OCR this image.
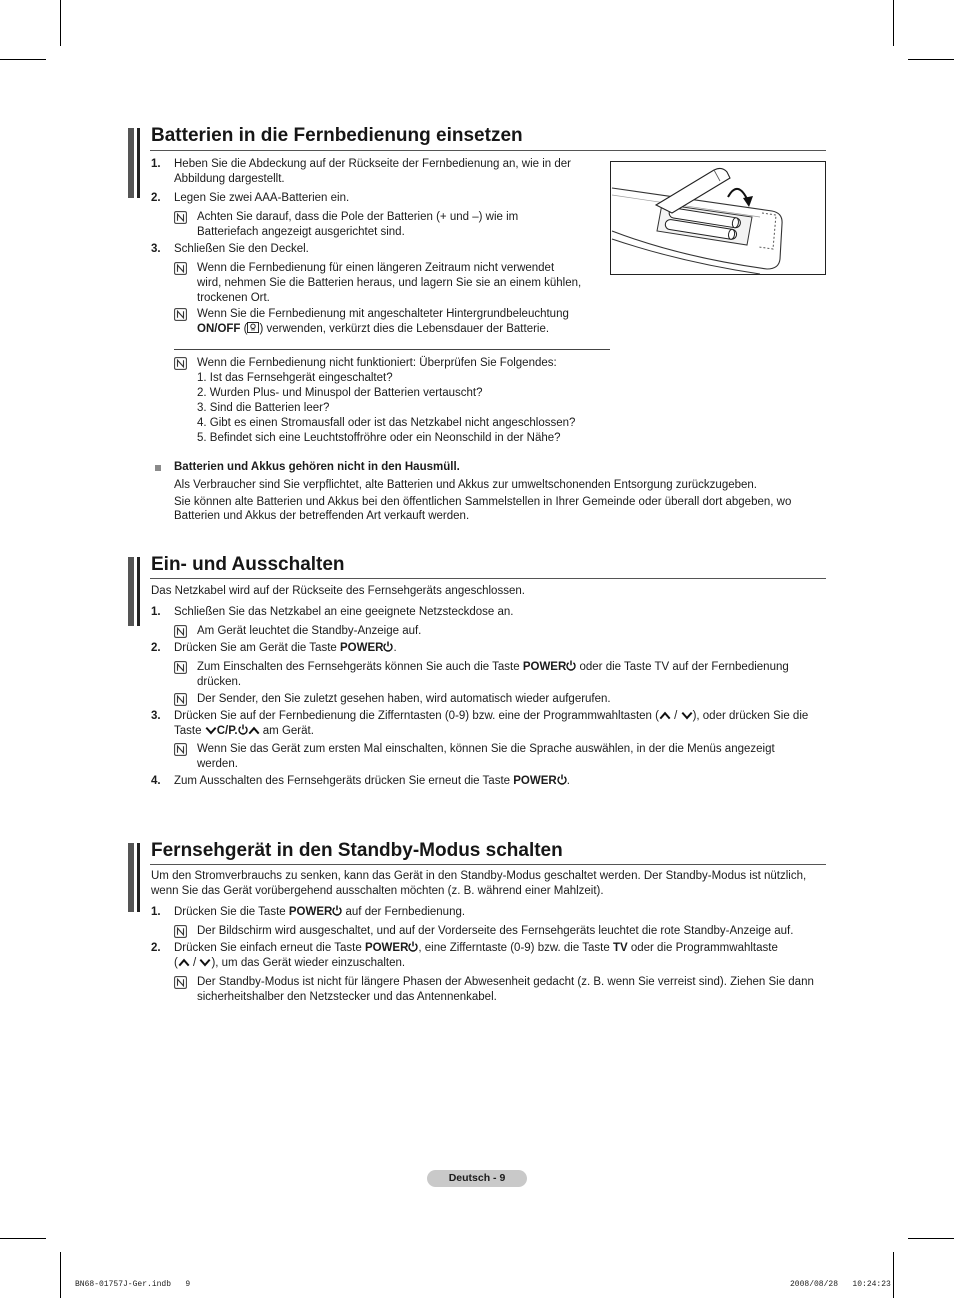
Batterien in die Fernbedienung einsetzen
1. Heben Sie die Abdeckung auf der Rückseite der Fernbedienung an, wie in der
Abbildung dargestellt.
2. Legen Sie zwei AAA-Batterien ein.
Achten Sie darauf, dass die Pole der Batterien (+ und –) wie im
Batteriefach angezeigt ausgerichtet sind.
3. Schließen Sie den Deckel.
Wenn die Fernbedienung für einen längeren Zeitraum nicht verwendet
wird, nehmen Sie die Batterien heraus, und lagern Sie sie an einem kühlen,
trockenen Ort.
Wenn Sie die Fernbedienung mit angeschalteter Hintergrundbeleuchtung
ON/OFF ( ) verwenden, verkürzt dies die Lebensdauer der Batterie.
Wenn die Fernbedienung nicht funktioniert: Überprüfen Sie Folgendes:
1. Ist das Fernsehgerät eingeschaltet?
2. Wurden Plus- und Minuspol der Batterien vertauscht?
3. Sind die Batterien leer?
4. Gibt es einen Stromausfall oder ist das Netzkabel nicht angeschlossen?
5. Befindet sich eine Leuchtstoffröhre oder ein Neonschild in der Nähe?
Batterien und Akkus gehören nicht in den Hausmüll.
Als Verbraucher sind Sie verpflichtet, alte Batterien und Akkus zur umweltschonenden Entsorgung zurückzugeben.
Sie können alte Batterien und Akkus bei den öffentlichen Sammelstellen in Ihrer Gemeinde oder überall dort abgeben, wo
Batterien und Akkus der betreffenden Art verkauft werden.
Ein- und Ausschalten
Das Netzkabel wird auf der Rückseite des Fernsehgeräts angeschlossen.
1. Schließen Sie das Netzkabel an eine geeignete Netzsteckdose an.
Am Gerät leuchtet die Standby-Anzeige auf.
2. Drücken Sie am Gerät die Taste POWER .
Zum Einschalten des Fernsehgeräts können Sie auch die Taste POWER oder die Taste TV auf der Fernbedienung
drücken.
Der Sender, den Sie zuletzt gesehen haben, wird automatisch wieder aufgerufen.
3. Drücken Sie auf der Fernbedienung die Zifferntasten (0-9) bzw. eine der Programmwahltasten ( / ), oder drücken Sie die
Taste C/P. am Gerät.
Wenn Sie das Gerät zum ersten Mal einschalten, können Sie die Sprache auswählen, in der die Menüs angezeigt
werden.
4. Zum Ausschalten des Fernsehgeräts drücken Sie erneut die Taste POWER .
Fernsehgerät in den Standby-Modus schalten
Um den Stromverbrauchs zu senken, kann das Gerät in den Standby-Modus geschaltet werden. Der Standby-Modus ist nützlich,
wenn Sie das Gerät vorübergehend ausschalten möchten (z. B. während einer Mahlzeit).
1. Drücken Sie die Taste POWER auf der Fernbedienung.
Der Bildschirm wird ausgeschaltet, und auf der Vorderseite des Fernsehgeräts leuchtet die rote Standby-Anzeige auf.
2. Drücken Sie einfach erneut die Taste POWER , eine Zifferntaste (0-9) bzw. die Taste TV oder die Programmwahltaste
( / ), um das Gerät wieder einzuschalten.
Der Standby-Modus ist nicht für längere Phasen der Abwesenheit gedacht (z. B. wenn Sie verreist sind). Ziehen Sie dann
sicherheitshalber den Netzstecker und das Antennenkabel.
Deutsch - 9
BN68-01757J-Ger.indb   9	2008/08/28   10:24:23
